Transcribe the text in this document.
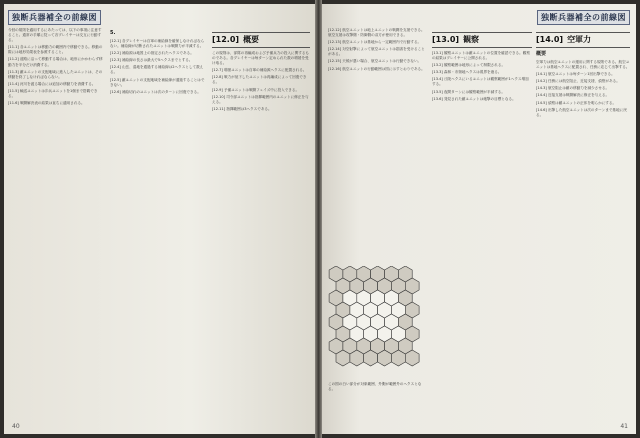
独断兵器補全の前線図
今回の規則を適用するにあたっては、以下の事項に注意すること。通常の手順に従って各プレイヤーは交互に行動する。
[11.1] 各ユニットは移動力の範囲内で移動できる。移動の際には地形効果表を参照すること。
[11.2] 道路に沿って移動する場合は、地形にかかわらず移動力を半分だけ消費する。
[11.3] 敵ユニットの支配地域に進入したユニットは、その移動を終了しなければならない。
[11.4] 河川を渡る場合には追加の移動力を消費する。
[11.5] 輸送ユニットは歩兵ユニットを1個まで搭載できる。
[11.6] 戦闘解決表の結果は直ちに適用される。
5.
[12.1] 各プレイヤーは自軍の補給線を確保しなければならない。補給線が切断されたユニットは戦闘力が半減する。
[12.2] 補給源は地図上の指定されたヘクスである。
[12.3] 補給線の長さは最大で5ヘクスまでとする。
[12.4] 山岳、湿地を通過する補給線は2ヘクスとして数える。
[12.5] 敵ユニットの支配地域を補給線が通過することはできない。
[12.6] 補給切れのユニットは次のターンに回復できる。
[12.0] 概要
この規則は、部隊の再編成および予備兵力の投入に関するものである。各プレイヤーは毎ターン定められた数の増援を受け取る。
[12.7] 増援ユニットは自軍の補給源ヘクスに配置される。
[12.8] 戦力が低下したユニットは再編成によって回復できる。
[12.9] 予備ユニットは戦闘フェイズ中に投入できる。
[12.10] 司令部ユニットは指揮範囲内のユニットに修正を与える。
[12.11] 指揮範囲は3ヘクスである。
40
独断兵器補全の前線図
[12.12] 航空ユニットは地上ユニットの戦闘を支援できる。航空支援は攻撃側・防御側の双方が使用できる。
[12.13] 航空ユニットは基地から一定範囲内で行動する。
[12.14] 対空射撃によって航空ユニットは損害を受けることがある。
[12.15] 天候が悪い場合、航空ユニットは行動できない。
[12.16] 航空ユニットの行動範囲は図に示すとおりである。
[13.0] 観察
[13.1] 観察ユニットは敵ユニットの位置を確認できる。観察の結果はプレイヤーに公開される。
[13.2] 観察範囲は地形によって制限される。
[13.3] 森林・市街地ヘクスは視界を遮る。
[13.4] 丘陵ヘクスにいるユニットは観察範囲が1ヘクス増加する。
[13.5] 夜間ターンには観察範囲が半減する。
[13.6] 発見された敵ユニットは砲撃の目標となる。
[14.0] 空軍力
概要
空軍力は航空ユニットの運用に関する規則である。航空ユニットは基地ヘクスに配置され、任務に応じて出撃する。
[14.1] 航空ユニットは毎ターン1回出撃できる。
[14.2] 任務には航空阻止、近接支援、偵察がある。
[14.3] 航空阻止は敵の移動力を減少させる。
[14.4] 近接支援は戦闘解決に修正を与える。
[14.5] 偵察は敵ユニットの正体を明らかにする。
[14.6] 出撃した航空ユニットは次のターンまで基地に戻る。
この図の白い部分が対象範囲、外側が範囲外のヘクスとなる。
41
